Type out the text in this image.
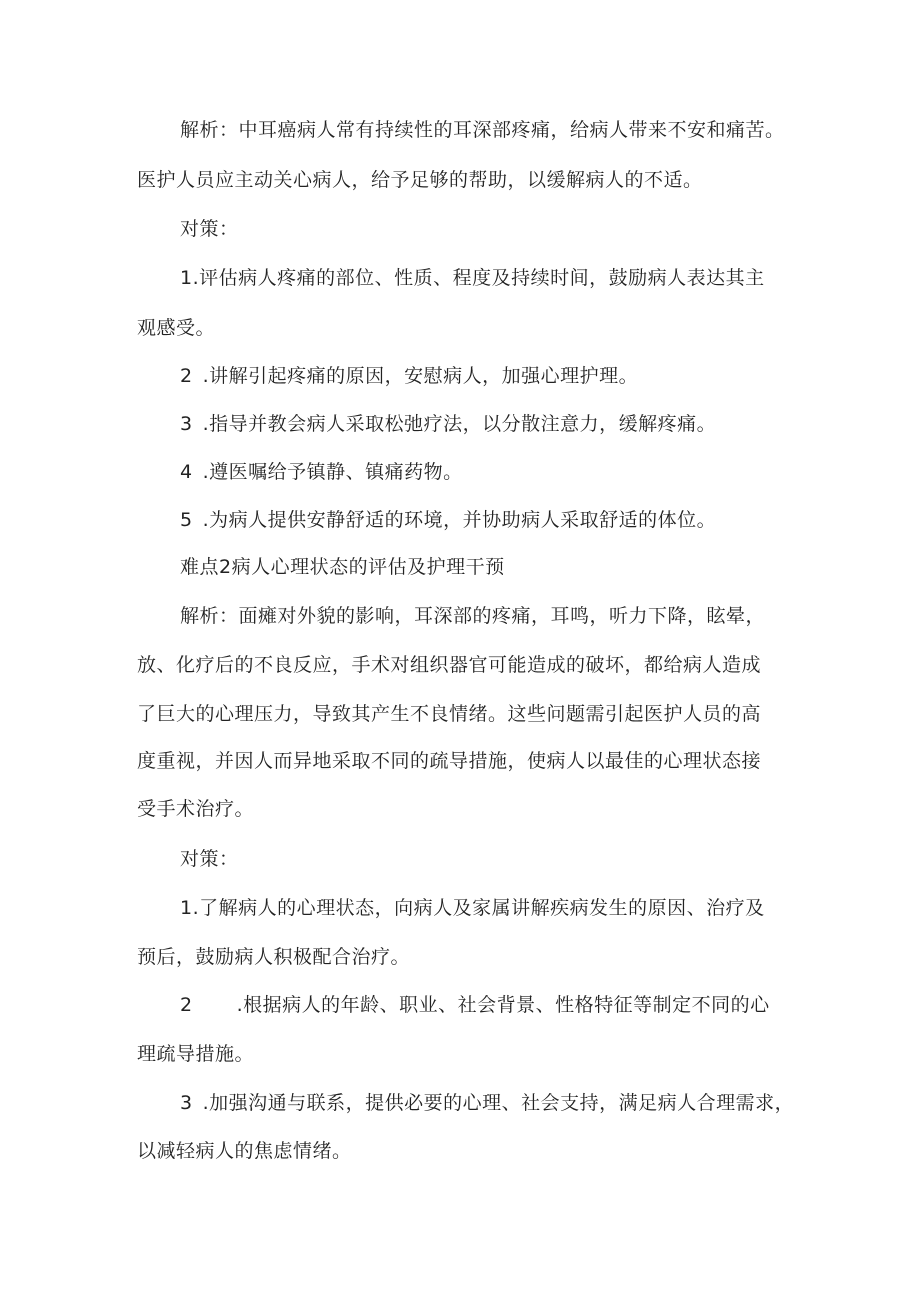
解析：中耳癌病人常有持续性的耳深部疼痛，给病人带来不安和痛苦。
医护人员应主动关心病人，给予足够的帮助，以缓解病人的不适。
对策：
1.评估病人疼痛的部位、性质、程度及持续时间，鼓励病人表达其主
观感受。
2 .讲解引起疼痛的原因，安慰病人，加强心理护理。
3 .指导并教会病人采取松弛疗法，以分散注意力，缓解疼痛。
4 .遵医嘱给予镇静、镇痛药物。
5 .为病人提供安静舒适的环境，并协助病人采取舒适的体位。
难点2病人心理状态的评估及护理干预
解析：面瘫对外貌的影响，耳深部的疼痛，耳鸣，听力下降，眩晕，
放、化疗后的不良反应，手术对组织器官可能造成的破坏，都给病人造成
了巨大的心理压力，导致其产生不良情绪。这些问题需引起医护人员的高
度重视，并因人而异地采取不同的疏导措施，使病人以最佳的心理状态接
受手术治疗。
对策：
1.了解病人的心理状态，向病人及家属讲解疾病发生的原因、治疗及
预后，鼓励病人积极配合治疗。
2 .根据病人的年龄、职业、社会背景、性格特征等制定不同的心
理疏导措施。
3 .加强沟通与联系，提供必要的心理、社会支持，满足病人合理需求，
以减轻病人的焦虑情绪。
